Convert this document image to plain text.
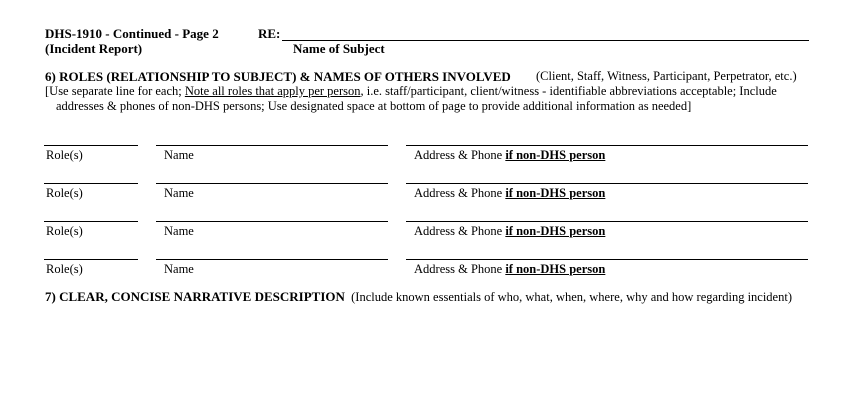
DHS-1910 - Continued - Page 2
(Incident Report)
RE:
Name of Subject
6) ROLES (RELATIONSHIP TO SUBJECT) & NAMES OF OTHERS INVOLVED (Client, Staff, Witness, Participant, Perpetrator, etc.)
[Use separate line for each; Note all roles that apply per person, i.e. staff/participant, client/witness - identifiable abbreviations acceptable; Include
addresses & phones of non-DHS persons; Use designated space at bottom of page to provide additional information as needed]
Role(s)	Name	Address & Phone if non-DHS person
Role(s)	Name	Address & Phone if non-DHS person
Role(s)	Name	Address & Phone if non-DHS person
Role(s)	Name	Address & Phone if non-DHS person
7) CLEAR, CONCISE NARRATIVE DESCRIPTION (Include known essentials of who, what, when, where, why and how regarding incident)
